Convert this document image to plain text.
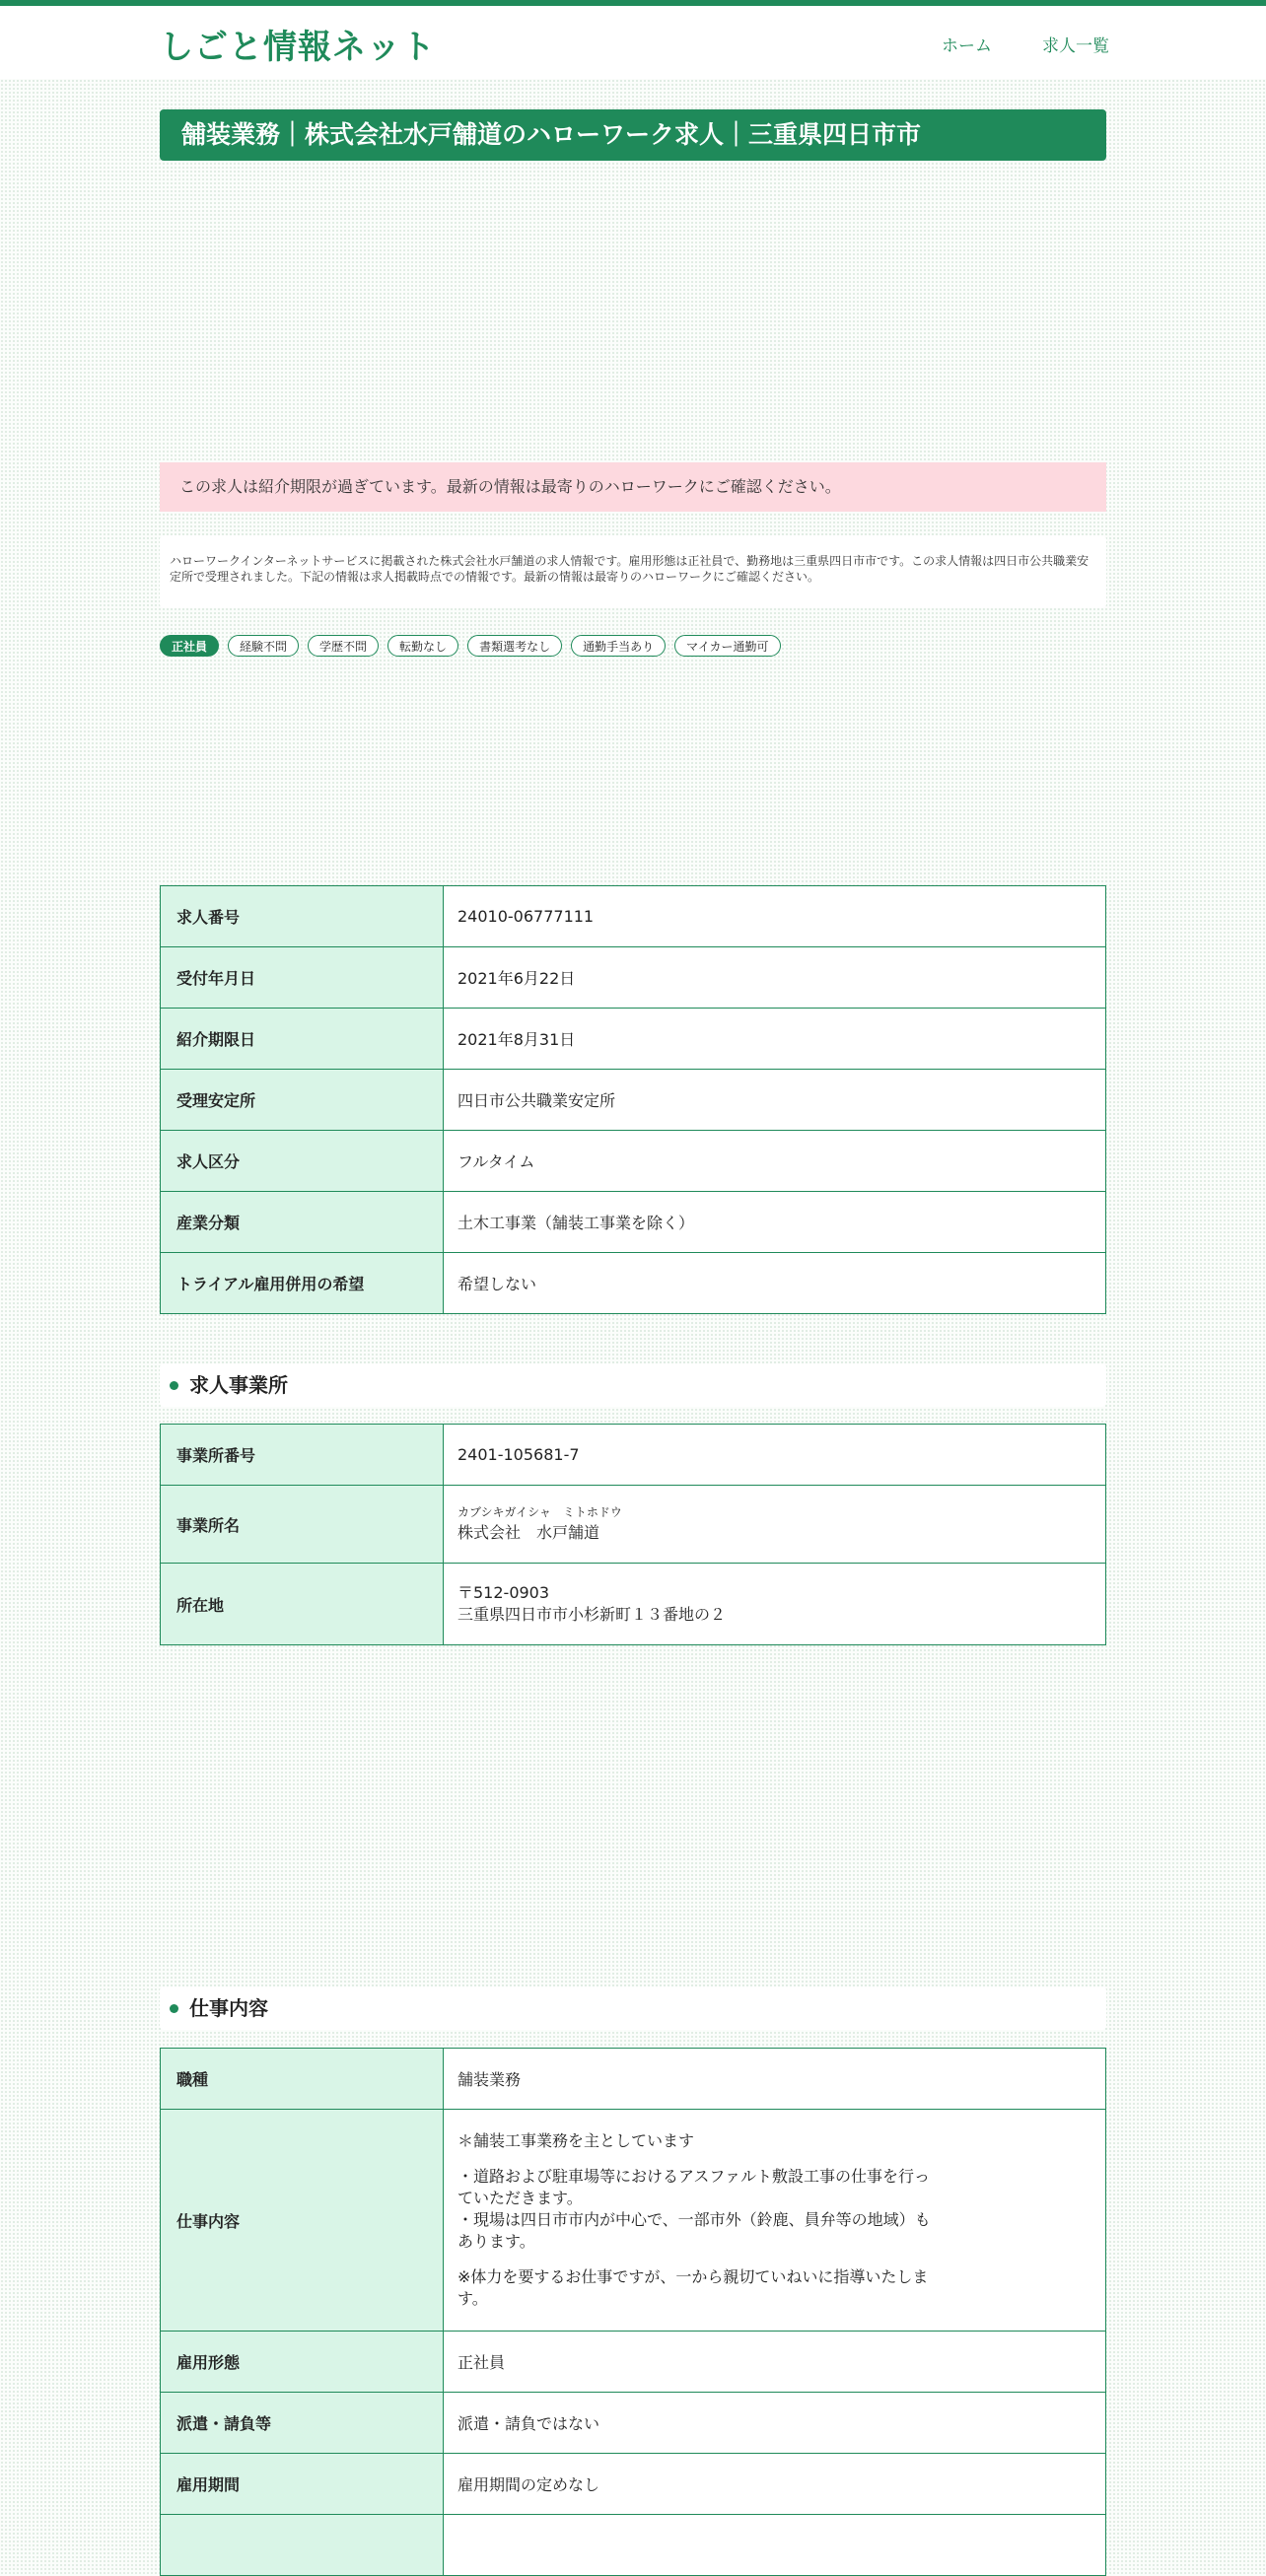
しごと情報ネット	ホーム	求人一覧
舗装業務｜株式会社水戸舗道のハローワーク求人｜三重県四日市市
この求人は紹介期限が過ぎています。最新の情報は最寄りのハローワークにご確認ください。
ハローワークインターネットサービスに掲載された株式会社水戸舗道の求人情報です。雇用形態は正社員で、勤務地は三重県四日市市です。この求人情報は四日市公共職業安定所で受理されました。下記の情報は求人掲載時点での情報です。最新の情報は最寄りのハローワークにご確認ください。
正社員	経験不問	学歴不問	転勤なし	書類選考なし	通勤手当あり	マイカー通勤可
求人番号	24010-06777111
受付年月日	2021年6月22日
紹介期限日	2021年8月31日
受理安定所	四日市公共職業安定所
求人区分	フルタイム
産業分類	土木工事業（舗装工事業を除く）
トライアル雇用併用の希望	希望しない
求人事業所
事業所番号	2401-105681-7
事業所名	カブシキガイシャ　ミトホドウ
株式会社　水戸舗道

所在地	〒512-0903
三重県四日市市小杉新町１３番地の２
仕事内容
職種	舗装業務
仕事内容	＊舗装工事業務を主としています
・道路および駐車場等におけるアスファルト敷設工事の仕事を行っていただきます。
・現場は四日市市内が中心で、一部市外（鈴鹿、員弁等の地域）もあります。
※体力を要するお仕事ですが、一から親切ていねいに指導いたします。

雇用形態	正社員
派遣・請負等	派遣・請負ではない
雇用期間	雇用期間の定めなし
